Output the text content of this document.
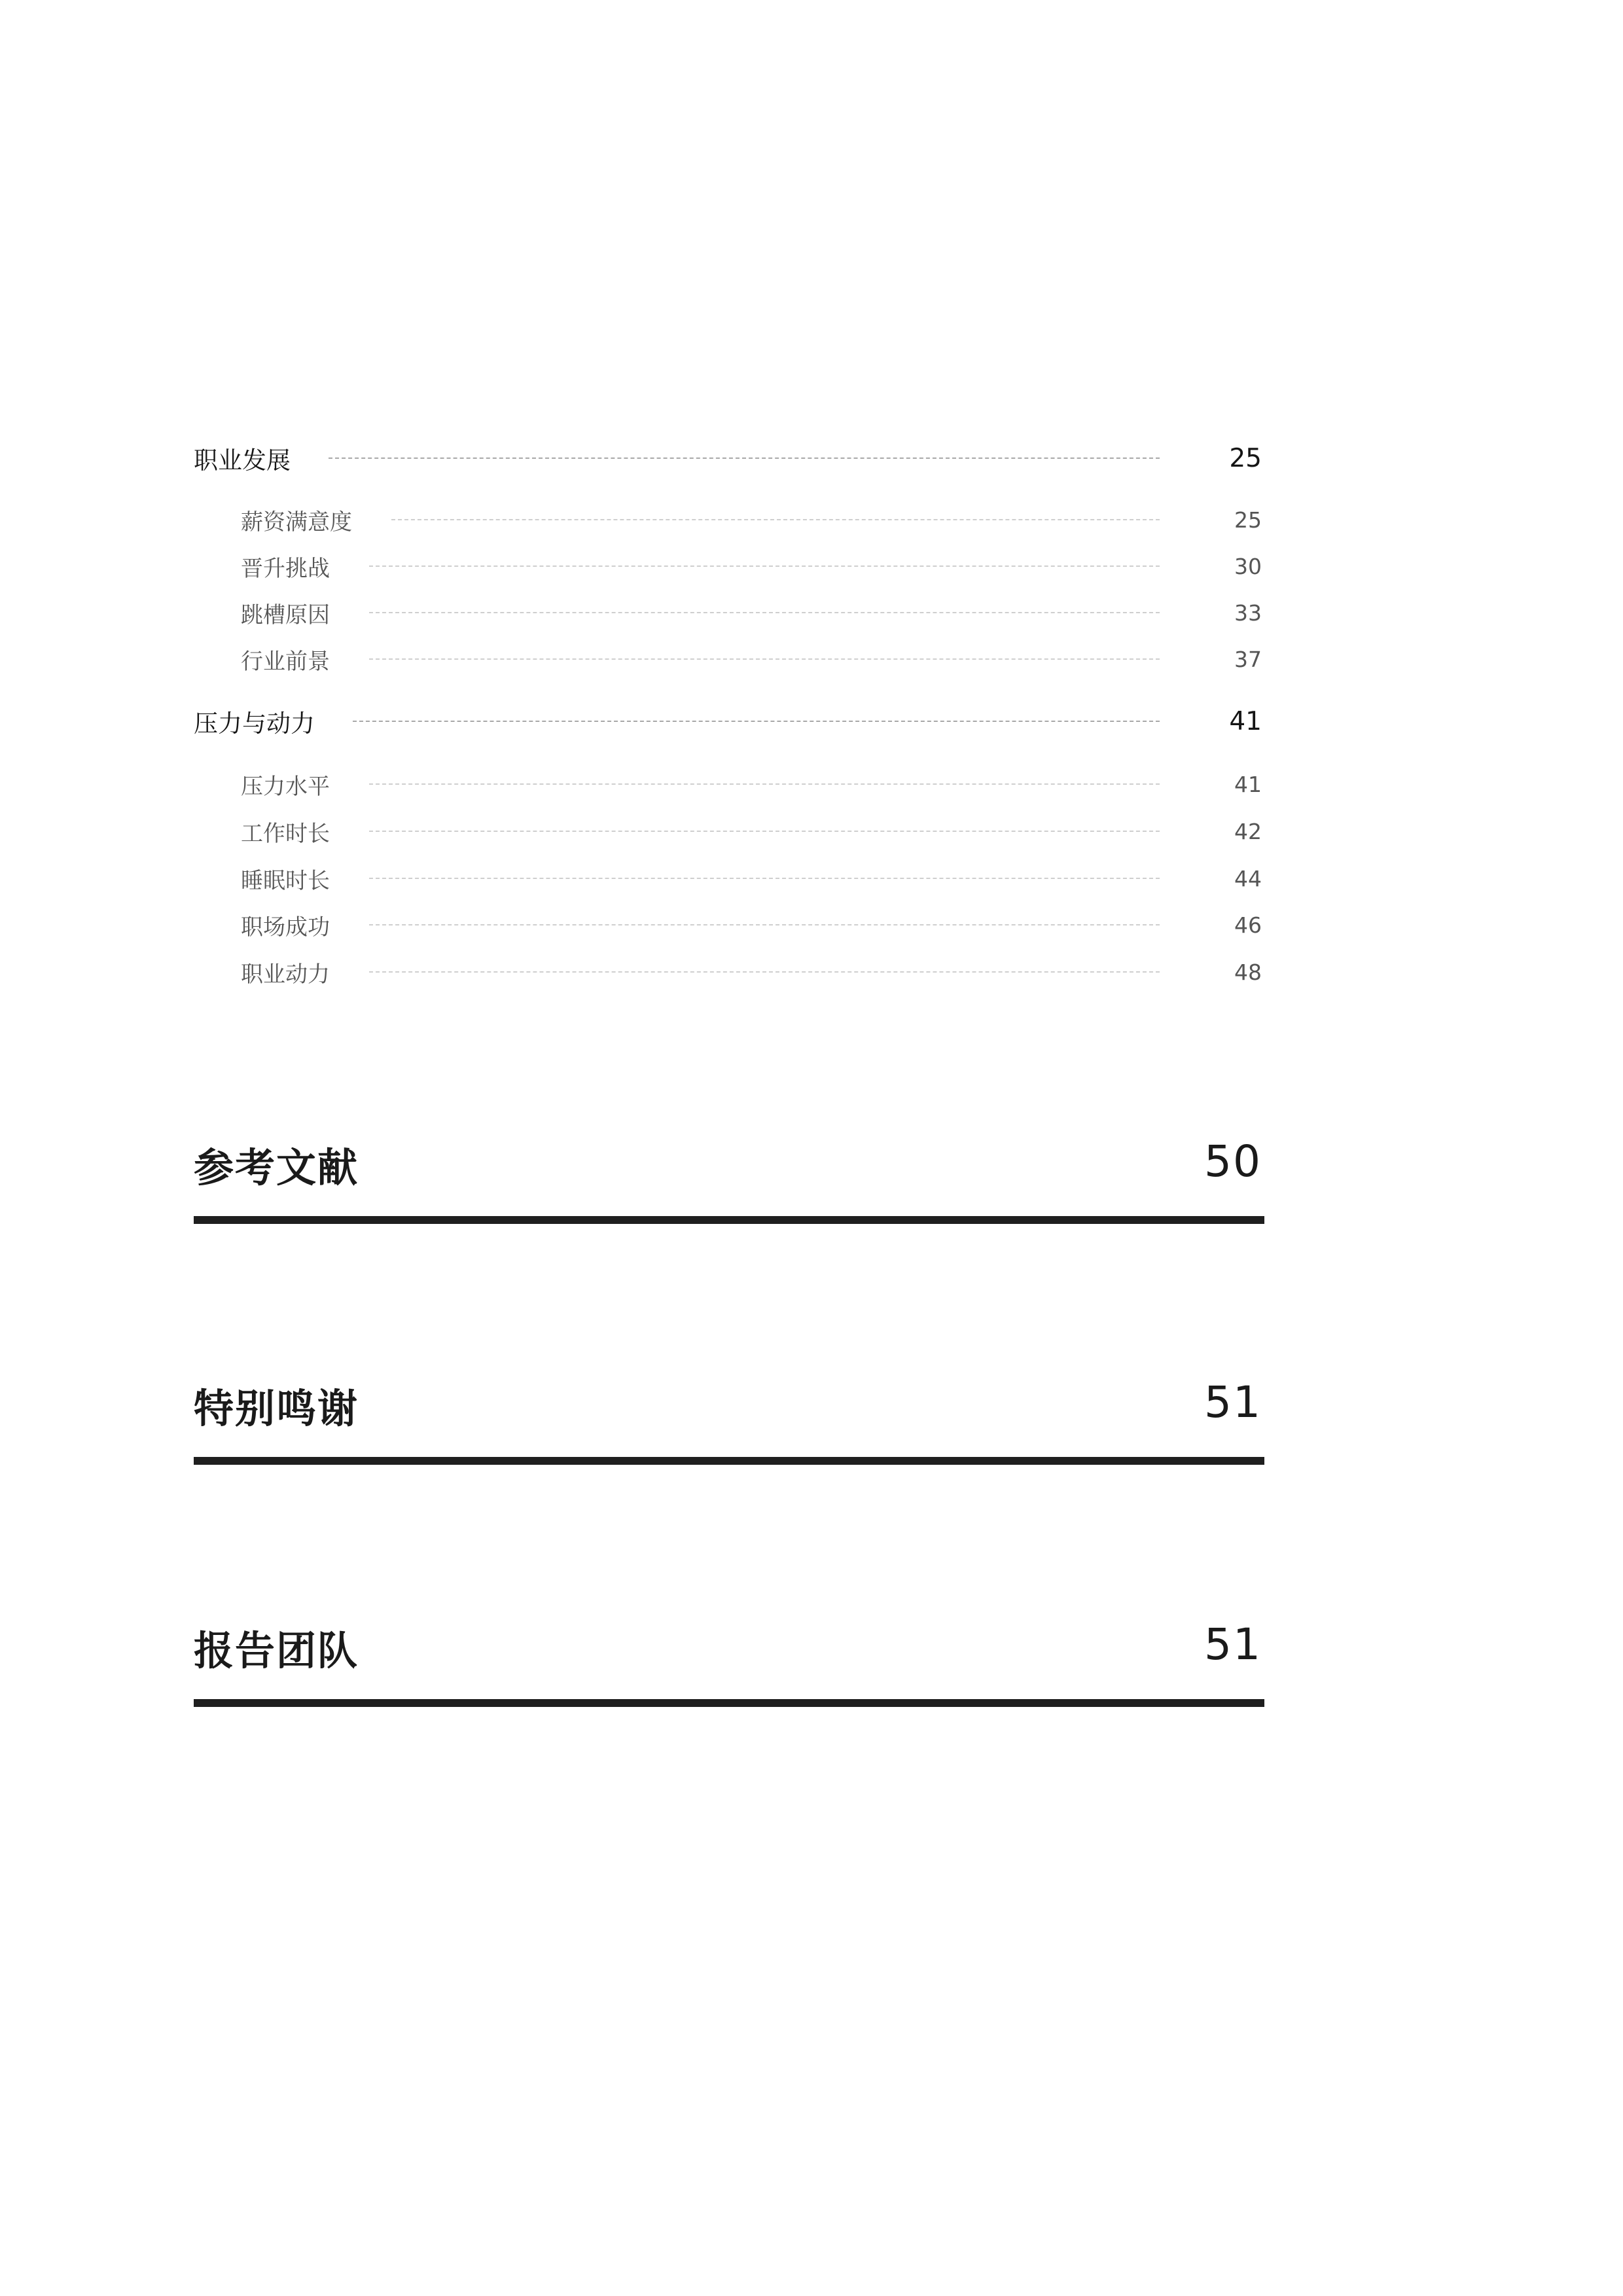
职业发展	25
薪资满意度	25
晋升挑战	30
跳槽原因	33
行业前景	37
压力与动力	41
压力水平	41
工作时长	42
睡眠时长	44
职场成功	46
职业动力	48
参考文献	50
特别鸣谢	51
报告团队	51
